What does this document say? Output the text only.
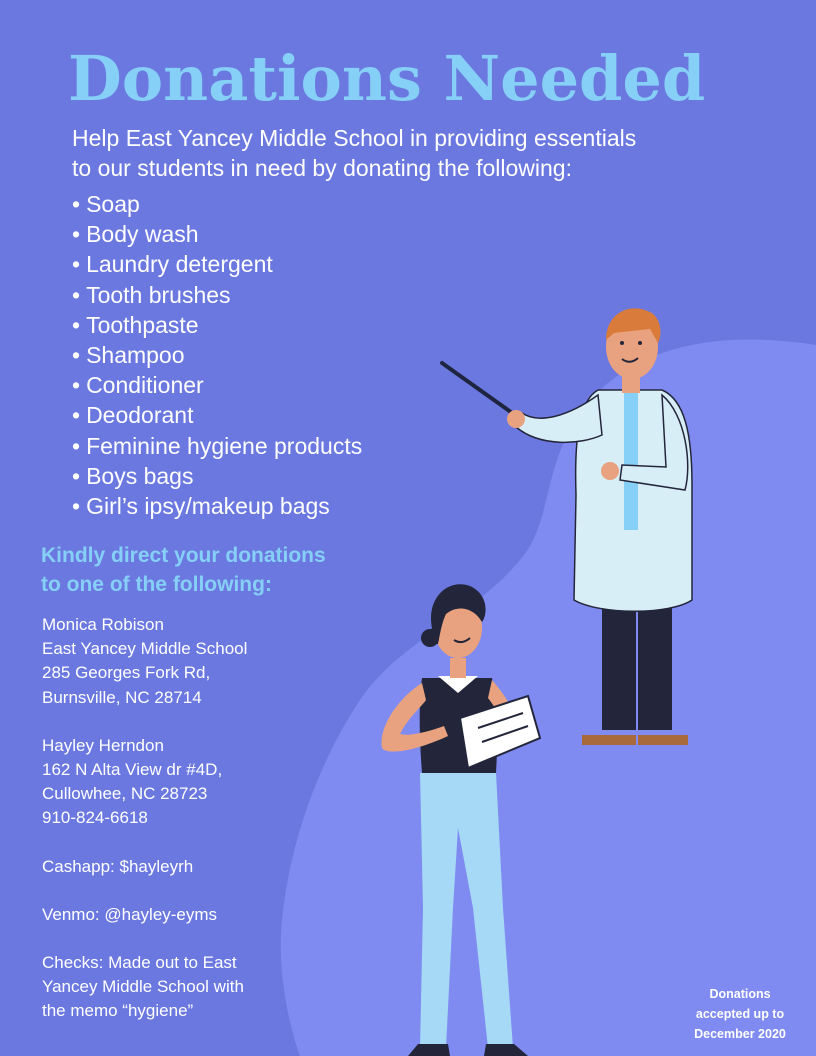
Donations Needed
Help East Yancey Middle School in providing essentials
to our students in need by donating the following:
• Soap
• Body wash
• Laundry detergent
• Tooth brushes
• Toothpaste
• Shampoo
• Conditioner
• Deodorant
• Feminine hygiene products
• Boys bags
• Girl’s ipsy/makeup bags
Kindly direct your donations
to one of the following:
Monica Robison
East Yancey Middle School
285 Georges Fork Rd,
Burnsville, NC 28714
Hayley Herndon
162 N Alta View dr #4D,
Cullowhee, NC 28723
910-824-6618
Cashapp: $hayleyrh
Venmo: @hayley-eyms
Checks: Made out to East
Yancey Middle School with
the memo “hygiene”
Donations
accepted up to
December 2020
